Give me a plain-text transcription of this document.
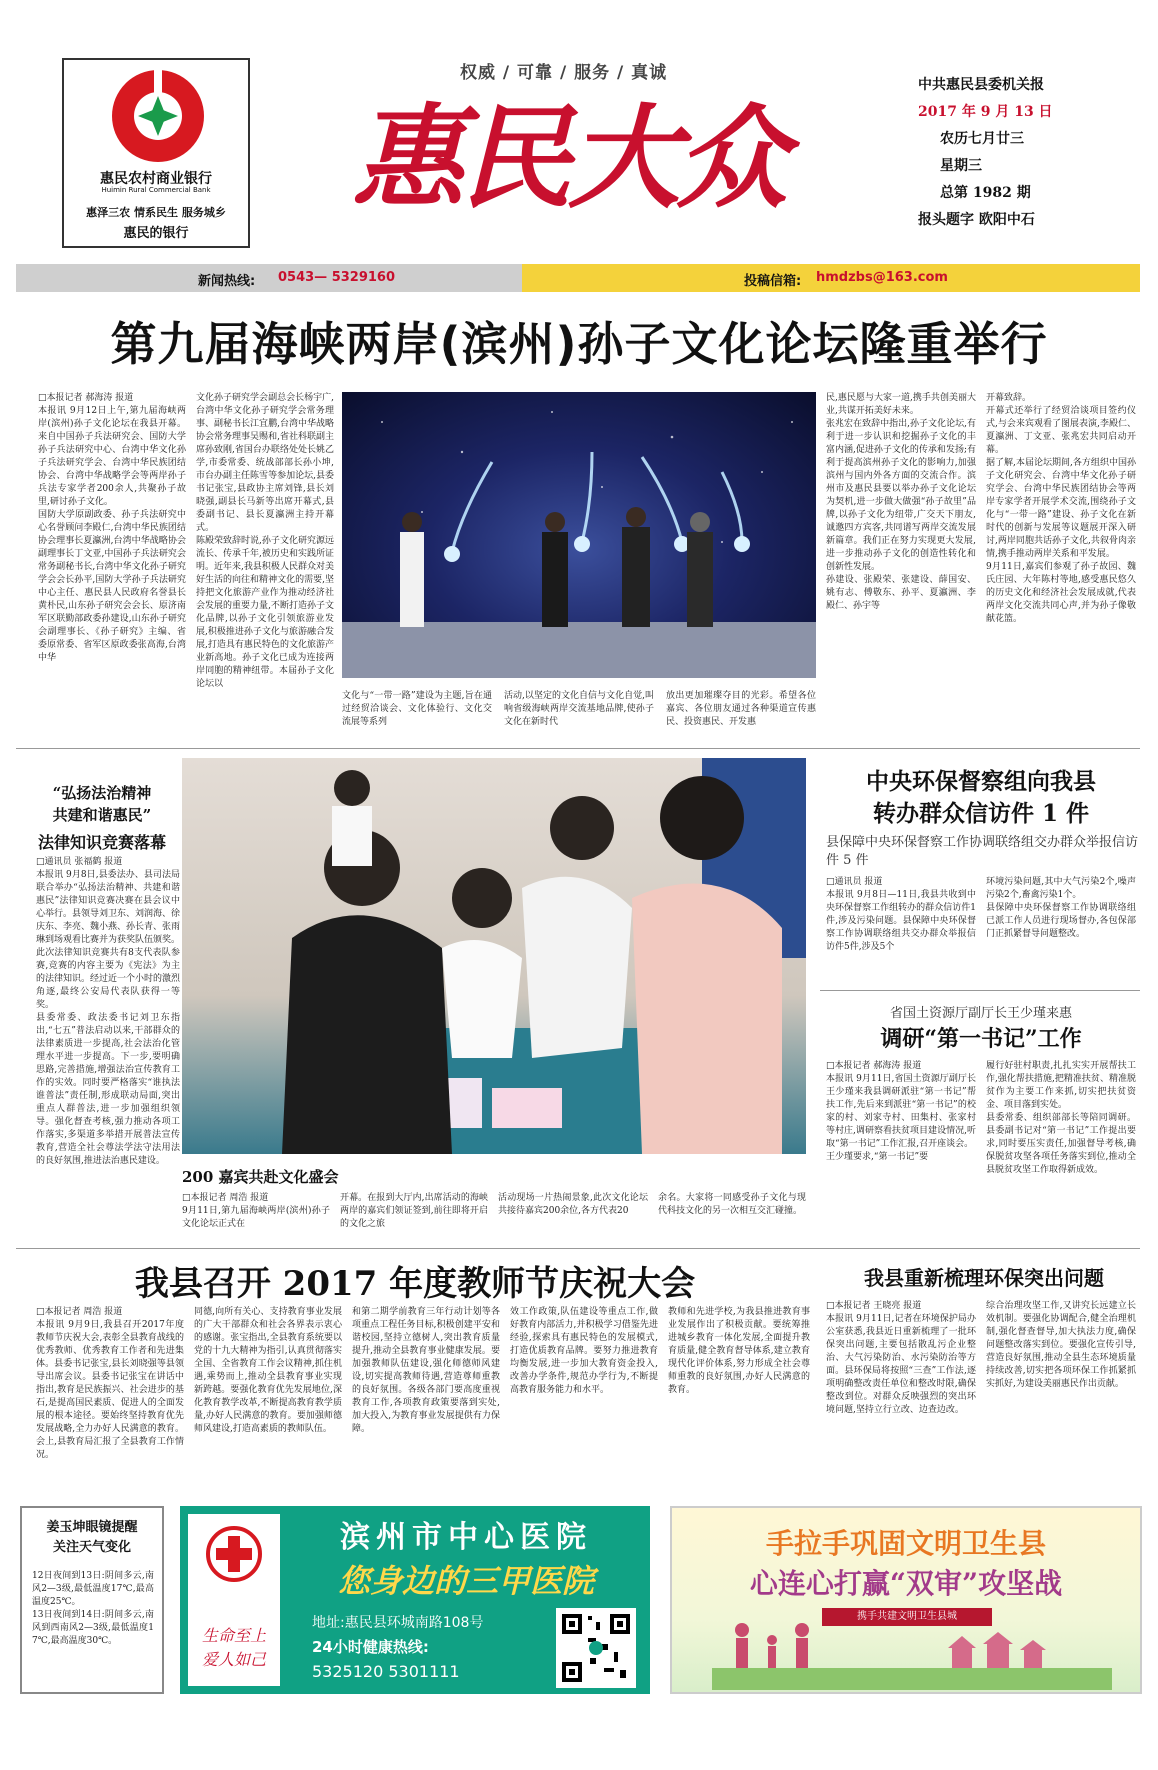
惠民农村商业银行
Huimin Rural Commercial Bank
惠泽三农 情系民生 服务城乡
惠民的银行
权威 / 可靠 / 服务 / 真诚
惠民大众
中共惠民县委机关报
2017 年 9 月 13 日
农历七月廿三
星期三
总第 1982 期
报头题字 欧阳中石
新闻热线: 0543— 5329160	投稿信箱: hmdzbs@163.com
第九届海峡两岸(滨州)孙子文化论坛隆重举行
□本报记者 郝海涛 报道
本报讯 9月12日上午,第九届海峡两岸(滨州)孙子文化论坛在我县开幕。来自中国孙子兵法研究会、国防大学孙子兵法研究中心、台湾中华文化孙子兵法研究学会、台湾中华民族团结协会、台湾中华战略学会等两岸孙子兵法专家学者200余人,共聚孙子故里,研讨孙子文化。
国防大学原副政委、孙子兵法研究中心名誉顾问李殿仁,台湾中华民族团结协会理事长夏瀛洲,台湾中华战略协会副理事长丁文亚,中国孙子兵法研究会常务副秘书长,台湾中华文化孙子研究学会会长孙平,国防大学孙子兵法研究中心主任、惠民县人民政府名誉县长黄朴民,山东孙子研究会会长、原济南军区联勤部政委孙建设,山东孙子研究会副理事长、《孙子研究》主编、省委原常委、省军区原政委张高海,台湾中华
文化孙子研究学会副总会长杨宇广,台湾中华文化孙子研究学会常务理事、副秘书长江宜鹏,台湾中华战略协会常务理事吴赐和,省社科联副主席孙致刚,省国台办联络处处长姚乙学,市委常委、统战部部长孙小坤,市台办副主任陈雪等参加论坛,县委书记张宝,县政协主席刘锋,县长刘晓强,副县长马新等出席开幕式,县委副书记、县长夏瀛洲主持开幕式。
陈殿荣致辞时说,孙子文化研究源远流长、传承千年,被历史和实践所证明。近年来,我县积极人民群众对美好生活的向往和精神文化的需要,坚持把文化旅游产业作为推动经济社会发展的重要力量,不断打造孙子文化品牌,以孙子文化引领旅游业发展,积极推进孙子文化与旅游融合发展,打造具有惠民特色的文化旅游产业新高地。孙子文化已成为连接两岸同胞的精神纽带。本届孙子文化论坛以
文化与“一带一路”建设为主题,旨在通过经贸洽谈会、文化体验行、文化交流展等系列
活动,以坚定的文化自信与文化自觉,叫响省级海峡两岸交流基地品牌,使孙子文化在新时代
放出更加璀璨夺目的光彩。希望各位嘉宾、各位朋友通过各种渠道宣传惠民、投资惠民、开发惠
民,惠民愿与大家一道,携手共创美丽大业,共谋开拓美好未来。
张兆宏在致辞中指出,孙子文化论坛,有利于进一步认识和挖掘孙子文化的丰富内涵,促进孙子文化的传承和发扬;有利于提高滨州孙子文化的影响力,加强滨州与国内外各方面的交流合作。滨州市及惠民县要以举办孙子文化论坛为契机,进一步做大做强“孙子故里”品牌,以孙子文化为纽带,广交天下朋友,诚邀四方宾客,共同谱写两岸交流发展新篇章。我们正在努力实现更大发展,进一步推动孙子文化的创造性转化和创新性发展。
孙建设、张殿荣、张建设、薛国安、姚有志、傅敬东、孙平、夏瀛洲、李殿仁、孙宇等
开幕致辞。
开幕式还举行了经贸洽谈项目签约仪式,与会来宾观看了图展表演,李殿仁、夏瀛洲、丁文亚、张兆宏共同启动开幕。
据了解,本届论坛期间,各方组织中国孙子文化研究会、台湾中华文化孙子研究学会、台湾中华民族团结协会等两岸专家学者开展学术交流,围绕孙子文化与“一带一路”建设、孙子文化在新时代的创新与发展等议题展开深入研讨,两岸同胞共话孙子文化,共叙骨肉亲情,携手推动两岸关系和平发展。
9月11日,嘉宾们参观了孙子故园、魏氏庄园、大年陈村等地,感受惠民悠久的历史文化和经济社会发展成就,代表两岸文化交流共同心声,并为孙子像敬献花篮。
“弘扬法治精神
共建和谐惠民”
法律知识竞赛落幕
□通讯员 张福鹤 报道
本报讯 9月8日,县委法办、县司法局联合举办“弘扬法治精神、共建和谐惠民”法律知识竞赛决赛在县会议中心举行。县领导刘卫东、刘润海、徐庆东、李亮、魏小燕、孙长青、张雨琳到场观看比赛并为获奖队伍颁奖。
此次法律知识竞赛共有8支代表队参赛,竞赛的内容主要为《宪法》为主的法律知识。经过近一个小时的激烈角逐,最终公安局代表队获得一等奖。
县委常委、政法委书记刘卫东指出,“七五”普法启动以来,干部群众的法律素质进一步提高,社会法治化管理水平进一步提高。下一步,要明确思路,完善措施,增强法治宣传教育工作的实效。同时要严格落实“谁执法谁普法”责任制,形成联动局面,突出重点人群普法,进一步加强组织领导。强化督查考核,强力推动各项工作落实,多渠道多举措开展普法宣传教育,营造全社会尊法学法守法用法的良好氛围,推进法治惠民建设。
200 嘉宾共赴文化盛会
□本报记者 周浩 报道
9月11日,第九届海峡两岸(滨州)孙子文化论坛正式在
开幕。在报到大厅内,出席活动的海峡两岸的嘉宾们领证签到,前往即将开启的文化之旅
活动现场一片热闹景象,此次文化论坛共接待嘉宾200余位,各方代表20
余名。大家将一同感受孙子文化与现代科技文化的另一次相互交汇碰撞。
中央环保督察组向我县
转办群众信访件 1 件
县保障中央环保督察工作协调联络组交办群众举报信访件 5 件
□通讯员 报道
本报讯 9月8日—11日,我县共收到中央环保督察工作组转办的群众信访件1件,涉及污染问题。县保障中央环保督察工作协调联络组共交办群众举报信访件5件,涉及5个
环境污染问题,其中大气污染2个,噪声污染2个,畜禽污染1个。
县保障中央环保督察工作协调联络组已派工作人员进行现场督办,各包保部门正抓紧督导问题整改。
省国土资源厅副厅长王少瑾来惠
调研“第一书记”工作
□本报记者 郝海涛 报道
本报讯 9月11日,省国土资源厅副厅长王少瑾来我县调研派驻“第一书记”帮扶工作,先后来到派驻“第一书记”的校家的村、刘家寺村、田集村、张家村等村庄,调研察看扶贫项目建设情况,听取“第一书记”工作汇报,召开座谈会。
王少瑾要求,“第一书记”要
履行好驻村职责,扎扎实实开展帮扶工作,强化帮扶措施,把精准扶贫、精准脱贫作为主要工作来抓,切实把扶贫资金、项目落到实处。
县委常委、组织部部长等陪同调研。县委副书记对“第一书记”工作提出要求,同时要压实责任,加强督导考核,确保脱贫攻坚各项任务落实到位,推动全县脱贫攻坚工作取得新成效。
我县召开 2017 年度教师节庆祝大会
□本报记者 周浩 报道
本报讯 9月9日,我县召开2017年度教师节庆祝大会,表彰全县教育战线的优秀教师、优秀教育工作者和先进集体。县委书记张宝,县长刘晓强等县领导出席会议。县委书记张宝在讲话中指出,教育是民族振兴、社会进步的基石,是提高国民素质、促进人的全面发展的根本途径。要始终坚持教育优先发展战略,全力办好人民满意的教育。会上,县教育局汇报了全县教育工作情况。
同德,向所有关心、支持教育事业发展的广大干部群众和社会各界表示衷心的感谢。张宝指出,全县教育系统要以党的十九大精神为指引,认真贯彻落实全国、全省教育工作会议精神,抓住机遇,乘势而上,推动全县教育事业实现新跨越。要强化教育优先发展地位,深化教育教学改革,不断提高教育教学质量,办好人民满意的教育。要加强师德师风建设,打造高素质的教师队伍。
和第二期学前教育三年行动计划等各项重点工程任务目标,积极创建平安和谐校园,坚持立德树人,突出教育质量提升,推动全县教育事业健康发展。要加强教师队伍建设,强化师德师风建设,切实提高教师待遇,营造尊师重教的良好氛围。各级各部门要高度重视教育工作,各项教育政策要落到实处,加大投入,为教育事业发展提供有力保障。
效工作政策,队伍建设等重点工作,做好教育内部活力,并积极学习借鉴先进经验,探索具有惠民特色的发展模式,打造优质教育品牌。要努力推进教育均衡发展,进一步加大教育资金投入,改善办学条件,规范办学行为,不断提高教育服务能力和水平。
教师和先进学校,为我县推进教育事业发展作出了积极贡献。要统筹推进城乡教育一体化发展,全面提升教育质量,健全教育督导体系,建立教育现代化评价体系,努力形成全社会尊师重教的良好氛围,办好人民满意的教育。
我县重新梳理环保突出问题
□本报记者 王晓亮 报道
本报讯 9月11日,记者在环境保护局办公室获悉,我县近日重新梳理了一批环保突出问题,主要包括散乱污企业整治、大气污染防治、水污染防治等方面。县环保局将按照“三查”工作法,逐项明确整改责任单位和整改时限,确保整改到位。对群众反映强烈的突出环境问题,坚持立行立改、边查边改。
综合治理攻坚工作,又讲究长远建立长效机制。要强化协调配合,健全治理机制,强化督查督导,加大执法力度,确保问题整改落实到位。要强化宣传引导,营造良好氛围,推动全县生态环境质量持续改善,切实把各项环保工作抓紧抓实抓好,为建设美丽惠民作出贡献。
姜玉坤眼镜提醒
关注天气变化
12日夜间到13日:阴间多云,南风2—3级,最低温度17℃,最高温度25℃。
13日夜间到14日:阴间多云,南风到西南风2—3级,最低温度17℃,最高温度30℃。	生命至上
爱人如己
滨州市中心医院
您身边的三甲医院
地址:惠民县环城南路108号
24小时健康热线:
5325120 5301111
手拉手巩固文明卫生县
心连心打赢“双审”攻坚战
携手共建文明卫生县城
